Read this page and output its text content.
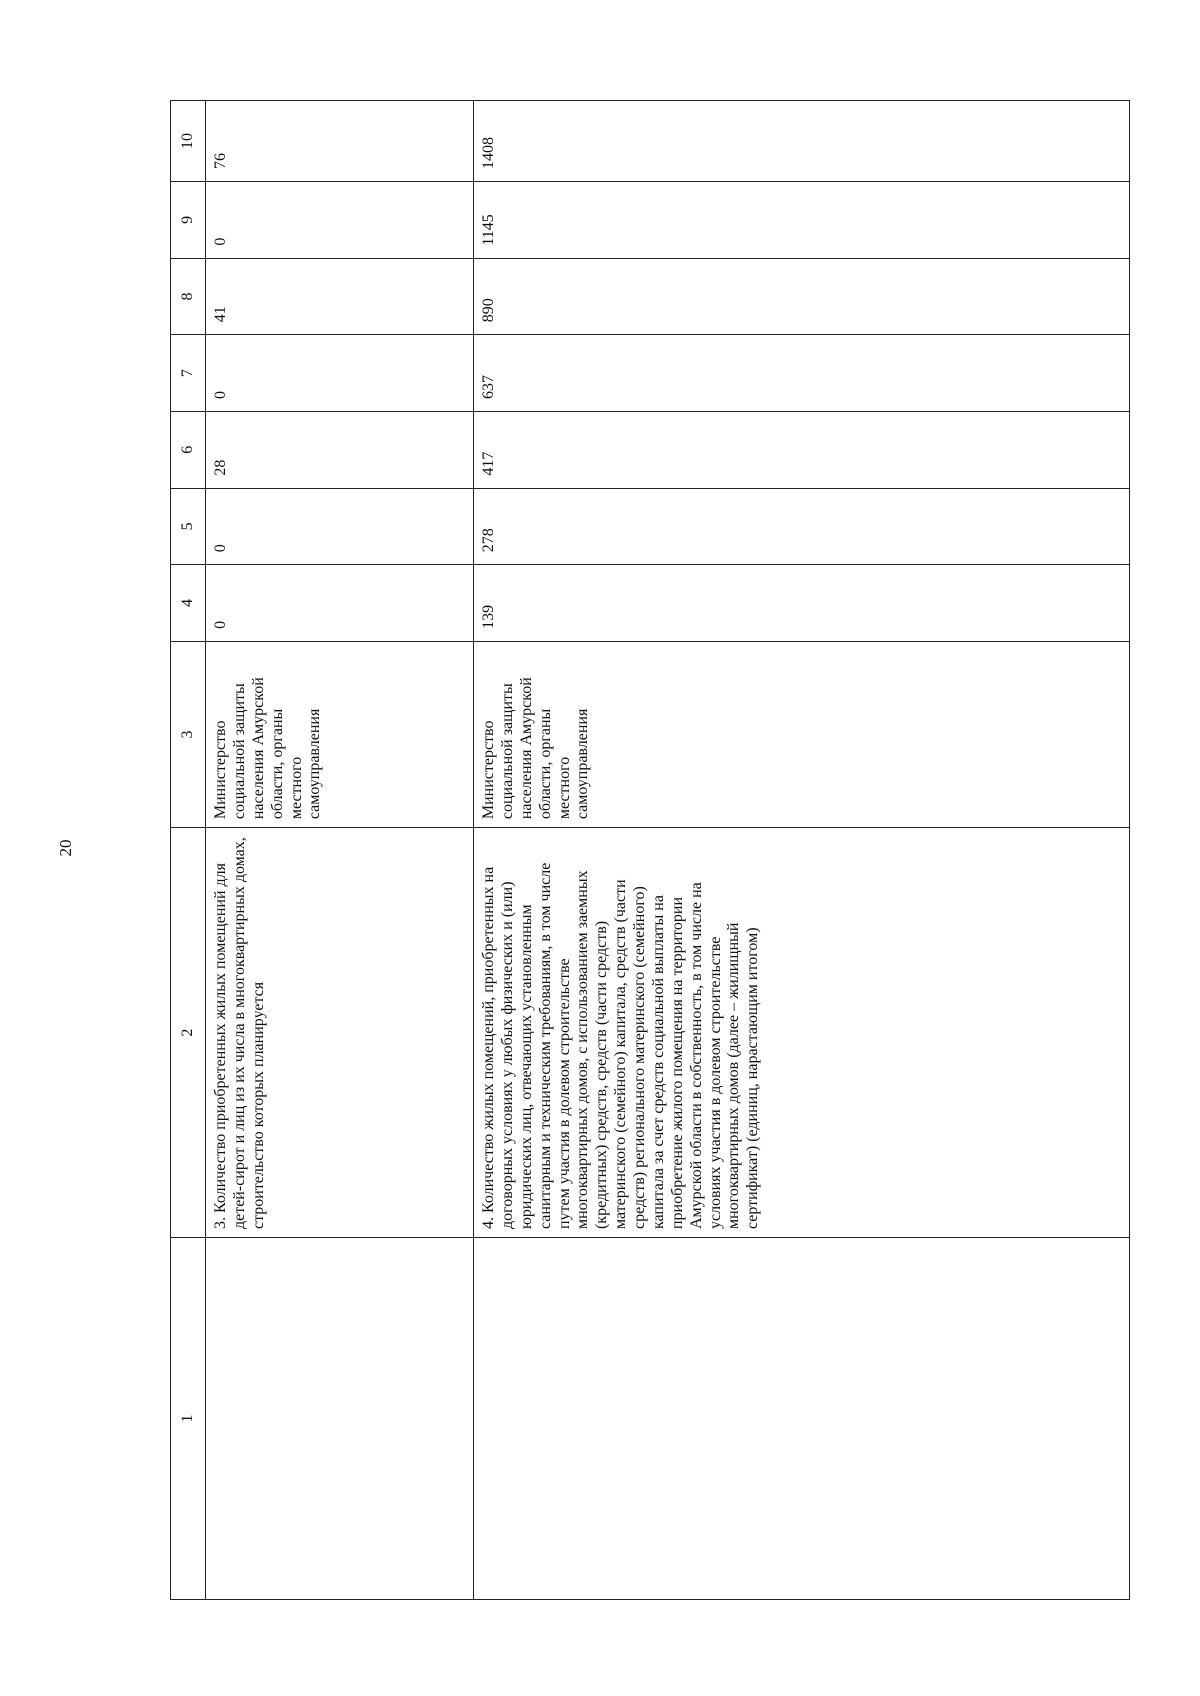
20
1	2	3	4	5	6	7	8	9	10
	3. Количество приобретенных жилых помещений для детей-сирот и лиц из их числа в многоквартирных домах, строительство которых планируется	Министерство социальной защиты населения Амурской области, органы местного самоуправления	0	0	28	0	41	0	76
	4. Количество жилых помещений, приобретенных на договорных условиях у любых физических и (или) юридических лиц, отвечающих установленным санитарным и техническим требованиям, в том числе путем участия в долевом строительстве многоквартирных домов, с использованием заемных (кредитных) средств, средств (части средств) материнского (семейного) капитала, средств (части средств) регионального материнского (семейного) капитала за счет средств социальной выплаты на приобретение жилого помещения на территории Амурской области в собственность, в том числе на условиях участия в долевом строительстве многоквартирных домов (далее – жилищный сертификат) (единиц, нарастающим итогом)	Министерство социальной защиты населения Амурской области, органы местного самоуправления	139	278	417	637	890	1145	1408
